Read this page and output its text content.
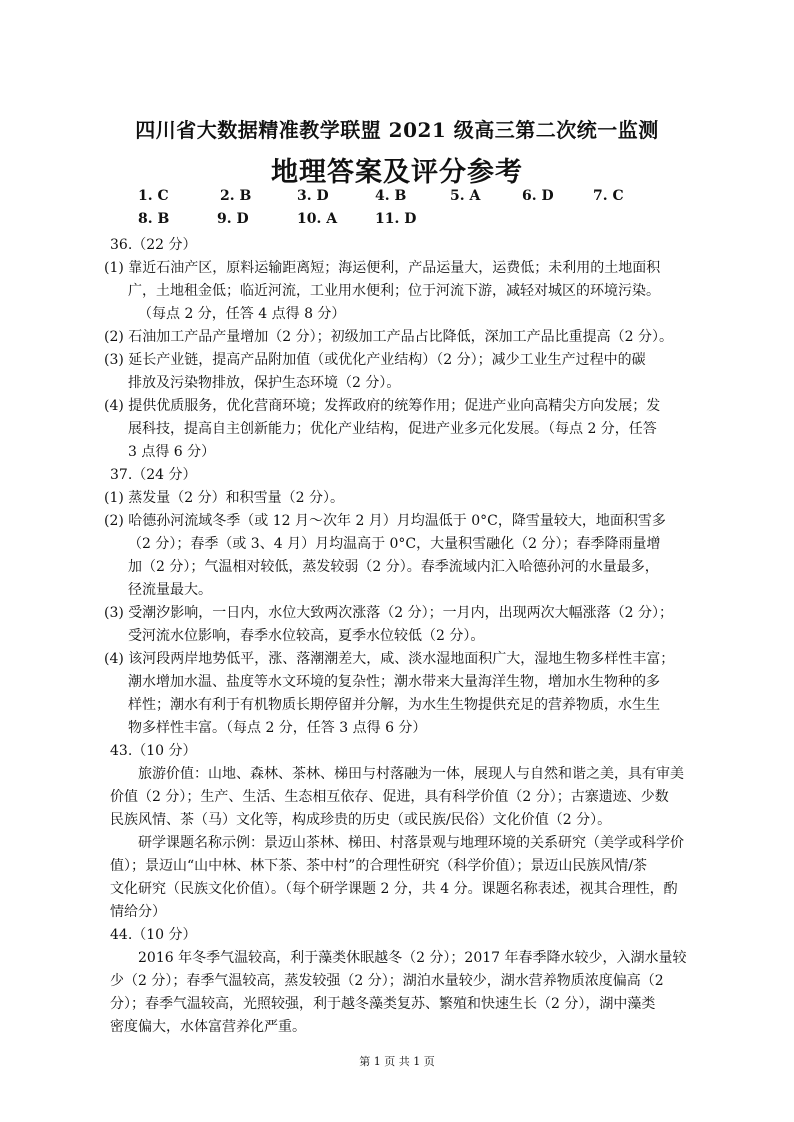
四川省大数据精准教学联盟 2021 级高三第二次统一监测
地理答案及评分参考
1. C	2. B	3. D	4. B	5. A	6. D	7. C
8. B	9. D	10. A	11. D
36.（22 分）
(1) 靠近石油产区，原料运输距离短；海运便利，产品运量大，运费低；未利用的土地面积
广，土地租金低；临近河流，工业用水便利；位于河流下游，减轻对城区的环境污染。
（每点 2 分，任答 4 点得 8 分）
(2) 石油加工产品产量增加（2 分）；初级加工产品占比降低，深加工产品比重提高（2 分）。
(3) 延长产业链，提高产品附加值（或优化产业结构）（2 分）；减少工业生产过程中的碳
排放及污染物排放，保护生态环境（2 分）。
(4) 提供优质服务，优化营商环境；发挥政府的统筹作用；促进产业向高精尖方向发展；发
展科技，提高自主创新能力；优化产业结构，促进产业多元化发展。（每点 2 分，任答
3 点得 6 分）
37.（24 分）
(1) 蒸发量（2 分）和积雪量（2 分）。
(2) 哈德孙河流域冬季（或 12 月～次年 2 月）月均温低于 0°C，降雪量较大，地面积雪多
（2 分）；春季（或 3、4 月）月均温高于 0°C，大量积雪融化（2 分）；春季降雨量增
加（2 分）；气温相对较低，蒸发较弱（2 分）。春季流域内汇入哈德孙河的水量最多，
径流量最大。
(3) 受潮汐影响，一日内，水位大致两次涨落（2 分）；一月内，出现两次大幅涨落（2 分）；
受河流水位影响，春季水位较高，夏季水位较低（2 分）。
(4) 该河段两岸地势低平，涨、落潮潮差大，咸、淡水湿地面积广大，湿地生物多样性丰富；
潮水增加水温、盐度等水文环境的复杂性；潮水带来大量海洋生物，增加水生物种的多
样性；潮水有利于有机物质长期停留并分解，为水生生物提供充足的营养物质，水生生
物多样性丰富。（每点 2 分，任答 3 点得 6 分）
43.（10 分）
旅游价值：山地、森林、茶林、梯田与村落融为一体，展现人与自然和谐之美，具有审美
价值（2 分）；生产、生活、生态相互依存、促进，具有科学价值（2 分）；古寨遗迹、少数
民族风情、茶（马）文化等，构成珍贵的历史（或民族/民俗）文化价值（2 分）。
研学课题名称示例：景迈山茶林、梯田、村落景观与地理环境的关系研究（美学或科学价
值）；景迈山“山中林、林下茶、茶中村”的合理性研究（科学价值）；景迈山民族风情/茶
文化研究（民族文化价值）。（每个研学课题 2 分，共 4 分。课题名称表述，视其合理性，酌
情给分）
44.（10 分）
2016 年冬季气温较高，利于藻类休眠越冬（2 分）；2017 年春季降水较少，入湖水量较
少（2 分）；春季气温较高，蒸发较强（2 分）；湖泊水量较少，湖水营养物质浓度偏高（2
分）；春季气温较高，光照较强，利于越冬藻类复苏、繁殖和快速生长（2 分），湖中藻类
密度偏大，水体富营养化严重。
第 1 页 共 1 页
